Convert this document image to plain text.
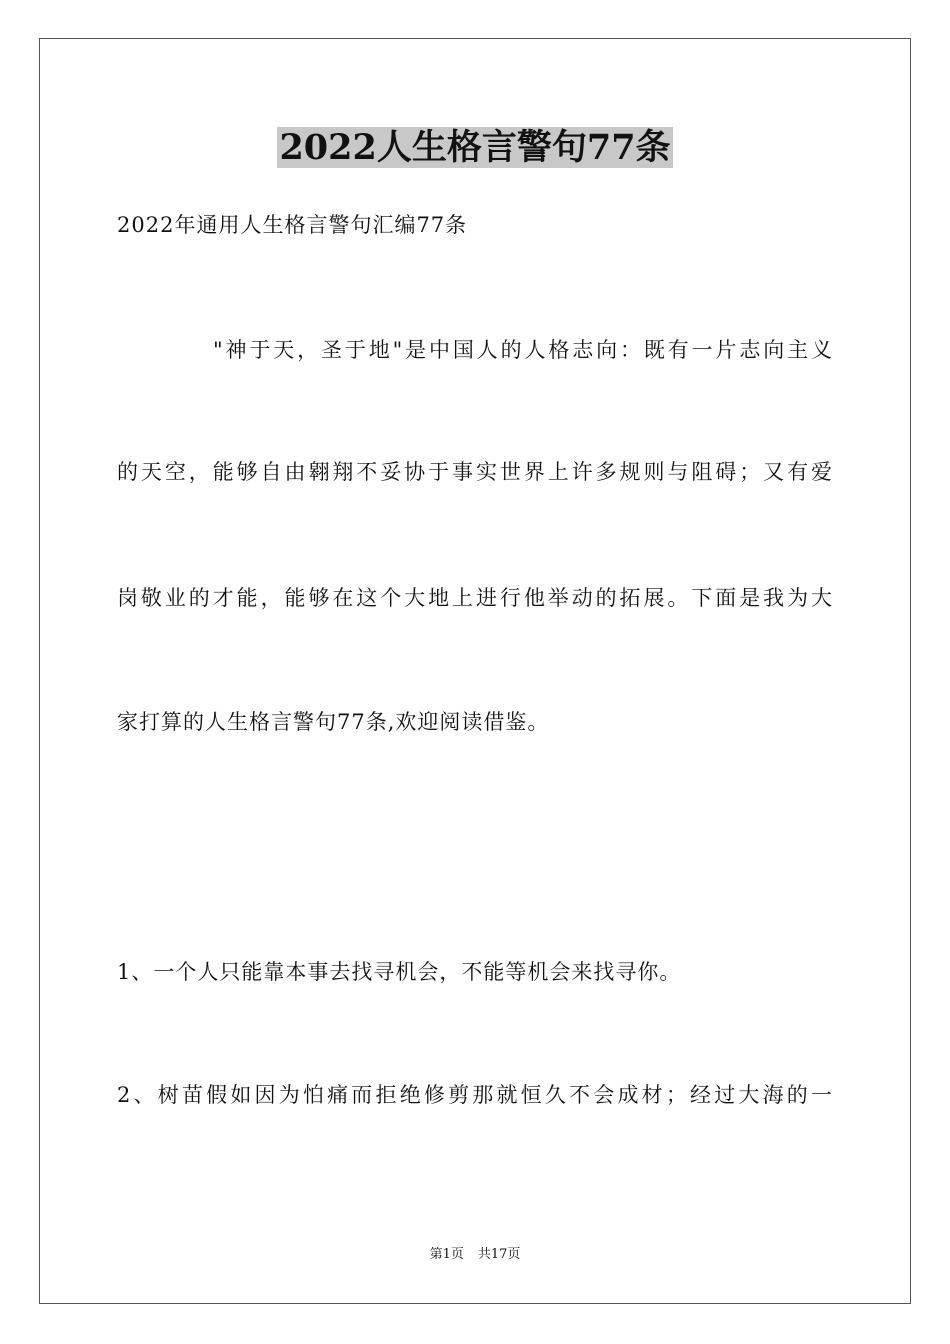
2022人生格言警句77条
2022年通用人生格言警句汇编77条
"神于天，圣于地"是中国人的人格志向：既有一片志向主义
的天空，能够自由翱翔不妥协于事实世界上许多规则与阻碍；又有爱
岗敬业的才能，能够在这个大地上进行他举动的拓展。下面是我为大
家打算的人生格言警句77条,欢迎阅读借鉴。
1、一个人只能靠本事去找寻机会，不能等机会来找寻你。
2、树苗假如因为怕痛而拒绝修剪那就恒久不会成材；经过大海的一
第1页 共17页
